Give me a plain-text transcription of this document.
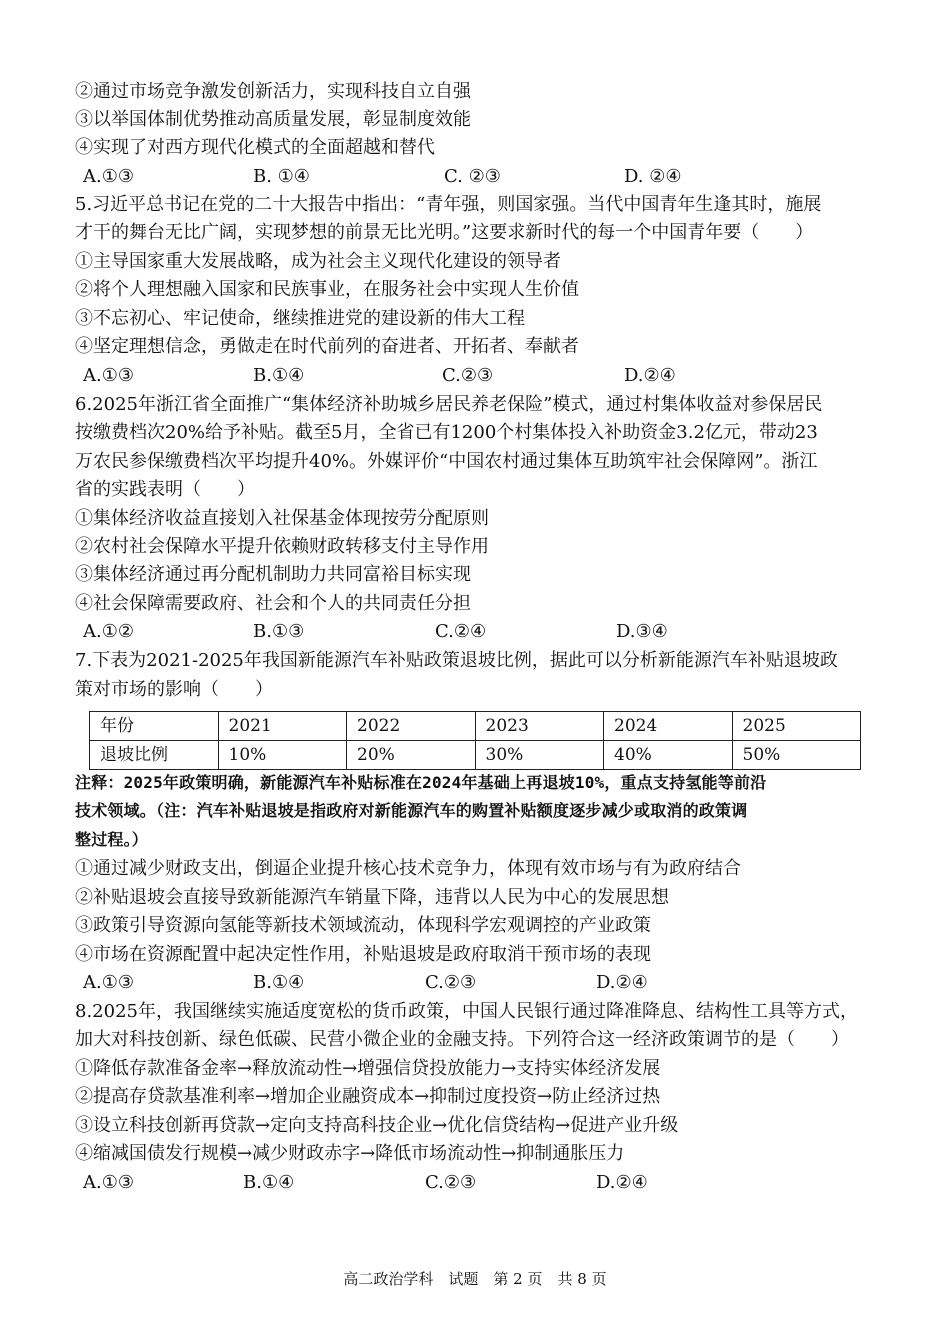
②通过市场竞争激发创新活力，实现科技自立自强
③以举国体制优势推动高质量发展，彰显制度效能
④实现了对西方现代化模式的全面超越和替代
A.①③	B. ①④	C. ②③	D. ②④
5.习近平总书记在党的二十大报告中指出：“青年强，则国家强。当代中国青年生逢其时，施展
才干的舞台无比广阔，实现梦想的前景无比光明。”这要求新时代的每一个中国青年要（　　）
①主导国家重大发展战略，成为社会主义现代化建设的领导者
②将个人理想融入国家和民族事业，在服务社会中实现人生价值
③不忘初心、牢记使命，继续推进党的建设新的伟大工程
④坚定理想信念，勇做走在时代前列的奋进者、开拓者、奉献者
A.①③	B.①④	C.②③	D.②④
6.2025年浙江省全面推广“集体经济补助城乡居民养老保险”模式，通过村集体收益对参保居民
按缴费档次20%给予补贴。截至5月，全省已有1200个村集体投入补助资金3.2亿元，带动23
万农民参保缴费档次平均提升40%。外媒评价“中国农村通过集体互助筑牢社会保障网”。浙江
省的实践表明（　　）
①集体经济收益直接划入社保基金体现按劳分配原则
②农村社会保障水平提升依赖财政转移支付主导作用
③集体经济通过再分配机制助力共同富裕目标实现
④社会保障需要政府、社会和个人的共同责任分担
A.①②	B.①③	C.②④	D.③④
7.下表为2021-2025年我国新能源汽车补贴政策退坡比例，据此可以分析新能源汽车补贴退坡政
策对市场的影响（　　）
年份	2021	2022	2023	2024	2025
退坡比例	10%	20%	30%	40%	50%
注释：2025年政策明确，新能源汽车补贴标准在2024年基础上再退坡10%，重点支持氢能等前沿
技术领域。（注：汽车补贴退坡是指政府对新能源汽车的购置补贴额度逐步减少或取消的政策调
整过程。）
①通过减少财政支出，倒逼企业提升核心技术竞争力，体现有效市场与有为政府结合
②补贴退坡会直接导致新能源汽车销量下降，违背以人民为中心的发展思想
③政策引导资源向氢能等新技术领域流动，体现科学宏观调控的产业政策
④市场在资源配置中起决定性作用，补贴退坡是政府取消干预市场的表现
A.①③	B.①④	C.②③	D.②④
8.2025年，我国继续实施适度宽松的货币政策，中国人民银行通过降准降息、结构性工具等方式，
加大对科技创新、绿色低碳、民营小微企业的金融支持。下列符合这一经济政策调节的是（　　）
①降低存款准备金率→释放流动性→增强信贷投放能力→支持实体经济发展
②提高存贷款基准利率→增加企业融资成本→抑制过度投资→防止经济过热
③设立科技创新再贷款→定向支持高科技企业→优化信贷结构→促进产业升级
④缩减国债发行规模→减少财政赤字→降低市场流动性→抑制通胀压力
A.①③	B.①④	C.②③	D.②④
高二政治学科　试题　第 2 页　共 8 页
